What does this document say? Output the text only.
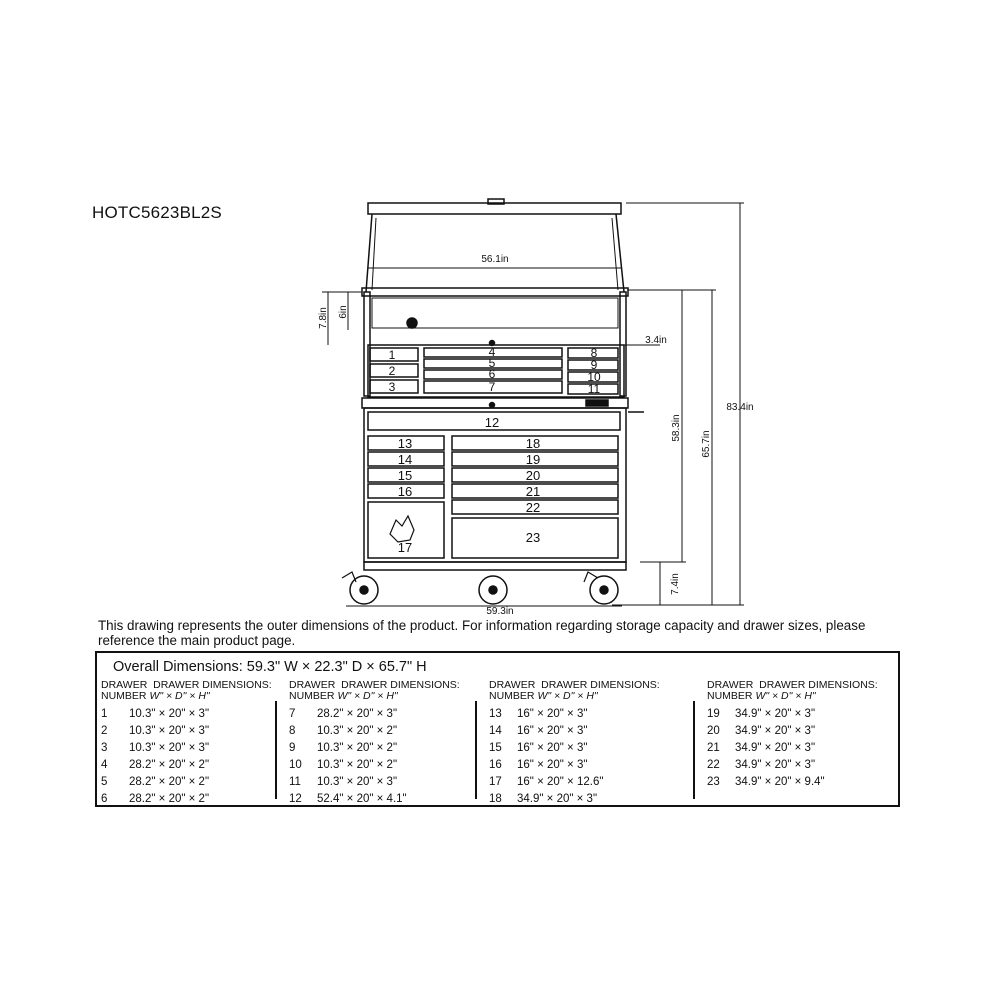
HOTC5623BL2S
56.1in
7.8in 6in
3.4in
58.3in
65.7in
83.4in
7.4in
59.3in
1
2
3
4
5
6
7
8
9
10
11
12
13
14
15
16
17
18
19
20
21
22
23
This drawing represents the outer dimensions of the product. For information regarding storage capacity and drawer sizes, please reference the main product page.
Overall Dimensions: 59.3" W × 22.3" D × 65.7" H
DRAWER  DRAWER DIMENSIONS:
NUMBER W" × D" × H"
1 10.3" × 20" × 3"
2 10.3" × 20" × 3"
3 10.3" × 20" × 3"
4 28.2" × 20" × 2"
5 28.2" × 20" × 2"
6 28.2" × 20" × 2"
DRAWER  DRAWER DIMENSIONS:
NUMBER W" × D" × H"
7 28.2" × 20" × 3"
8 10.3" × 20" × 2"
9 10.3" × 20" × 2"
10 10.3" × 20" × 2"
11 10.3" × 20" × 3"
12 52.4" × 20" × 4.1"
DRAWER  DRAWER DIMENSIONS:
NUMBER W" × D" × H"
13 16" × 20" × 3"
14 16" × 20" × 3"
15 16" × 20" × 3"
16 16" × 20" × 3"
17 16" × 20" × 12.6"
18 34.9" × 20" × 3"
DRAWER  DRAWER DIMENSIONS:
NUMBER W" × D" × H"
19 34.9" × 20" × 3"
20 34.9" × 20" × 3"
21 34.9" × 20" × 3"
22 34.9" × 20" × 3"
23 34.9" × 20" × 9.4"
